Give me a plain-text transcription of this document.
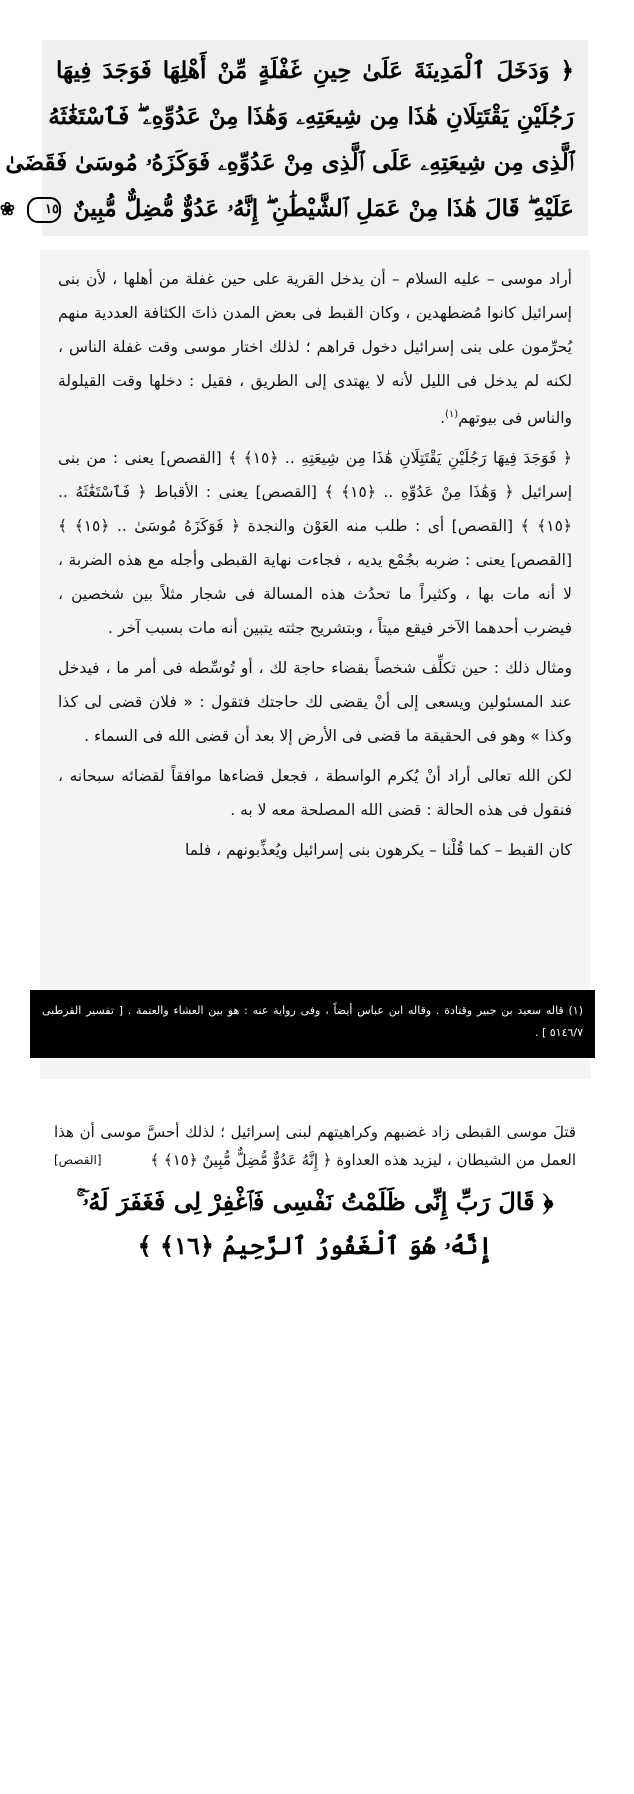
﴿ وَدَخَلَ ٱلْمَدِينَةَ عَلَىٰ حِينِ غَفْلَةٍ مِّنْ أَهْلِهَا فَوَجَدَ فِيهَا
رَجُلَيْنِ يَقْتَتِلَانِ هَٰذَا مِن شِيعَتِهِۦ وَهَٰذَا مِنْ عَدُوِّهِۦ ۖ فَٱسْتَغَٰثَهُ
ٱلَّذِى مِن شِيعَتِهِۦ عَلَى ٱلَّذِى مِنْ عَدُوِّهِۦ فَوَكَزَهُۥ مُوسَىٰ فَقَضَىٰ
عَلَيْهِ ۖ قَالَ هَٰذَا مِنْ عَمَلِ ٱلشَّيْطَٰنِ ۖ إِنَّهُۥ عَدُوٌّ مُّضِلٌّ مُّبِينٌ ١٥ ❀

أراد موسى – عليه السلام – أن يدخل القرية على حين غفلة من أهلها ، لأن بنى إسرائيل كانوا مُضطهدين ، وكان القبط فى بعض المدن ذاتَ الكثافة العددية منهم يُحرِّمون على بنى إسرائيل دخول قراهم ؛ لذلك اختار موسى وقت غفلة الناس ، لكنه لم يدخل فى الليل لأنه لا يهتدى إلى الطريق ، فقيل : دخلها وقت القيلولة والناس فى بيوتهم$^{(١)}$.

﴿ فَوَجَدَ فِيهَا رَجُلَيْنِ يَقْتَتِلَانِ هَٰذَا مِن شِيعَتِهِ .. ﴿١٥﴾ ﴾ [القصص] يعنى : من بنى إسرائيل ﴿ وَهَٰذَا مِنْ عَدُوِّهِ .. ﴿١٥﴾ ﴾ [القصص] يعنى : الأقباط ﴿ فَٱسْتَغَٰثَهُ .. ﴿١٥﴾ ﴾ [القصص] أى : طلب منه العَوْن والنجدة ﴿ فَوَكَزَهُ مُوسَىٰ .. ﴿١٥﴾ ﴾ [القصص] يعنى : ضربه بجُمْع يديه ، فجاءت نهاية القبطى وأجله مع هذه الضربة ، لا أنه مات بها ، وكثيراً ما تحدُث هذه المسالة فى شجار مثلاً بين شخصين ، فيضرب أحدهما الآخر فيقع ميتاً ، وبتشريح جثته يتبين أنه مات بسبب آخر .

ومثال ذلك : حين تكلِّف شخصاً بقضاء حاجة لك ، أو تُوسِّطه فى أمر ما ، فيدخل عند المسئولين ويسعى إلى أنْ يقضى لك حاجتك فتقول : « فلان قضى لى كذا وكذا » وهو فى الحقيقة ما قضى فى الأرض إلا بعد أن قضى الله فى السماء .

لكن الله تعالى أراد أنْ يُكرم الواسطة ، فجعل قضاءها موافقاً لقضائه سبحانه ، فنقول فى هذه الحالة : قضى الله المصلحة معه لا به .

كان القبط – كما قُلْنا – يكرهون بنى إسرائيل ويُعذِّبونهم ، فلما

(١) قاله سعيد بن جبير وقتادة . وقاله ابن عباس أيضاً ، وفى رواية عنه : هو بين العشاء والعتمة . [ تفسير القرطبى ٥١٤٦/٧ ] .

قتلَ موسى القبطى زاد غضبهم وكراهيتهم لبنى إسرائيل ؛ لذلك أحسَّ موسى أن هذا العمل من الشيطان ، ليزيد هذه العداوة ﴿ إِنَّهُ عَدُوٌّ مُّضِلٌّ مُّبِينٌ ﴿١٥﴾ ﴾
[القصص]

﴿ قَالَ رَبِّ إِنِّى ظَلَمْتُ نَفْسِى فَٱغْفِرْ لِى فَغَفَرَ لَهُۥٓ ۚ
إِنَّهُۥ هُوَ ٱلْغَفُورُ ٱلرَّحِيمُ ﴿١٦﴾ ﴾
